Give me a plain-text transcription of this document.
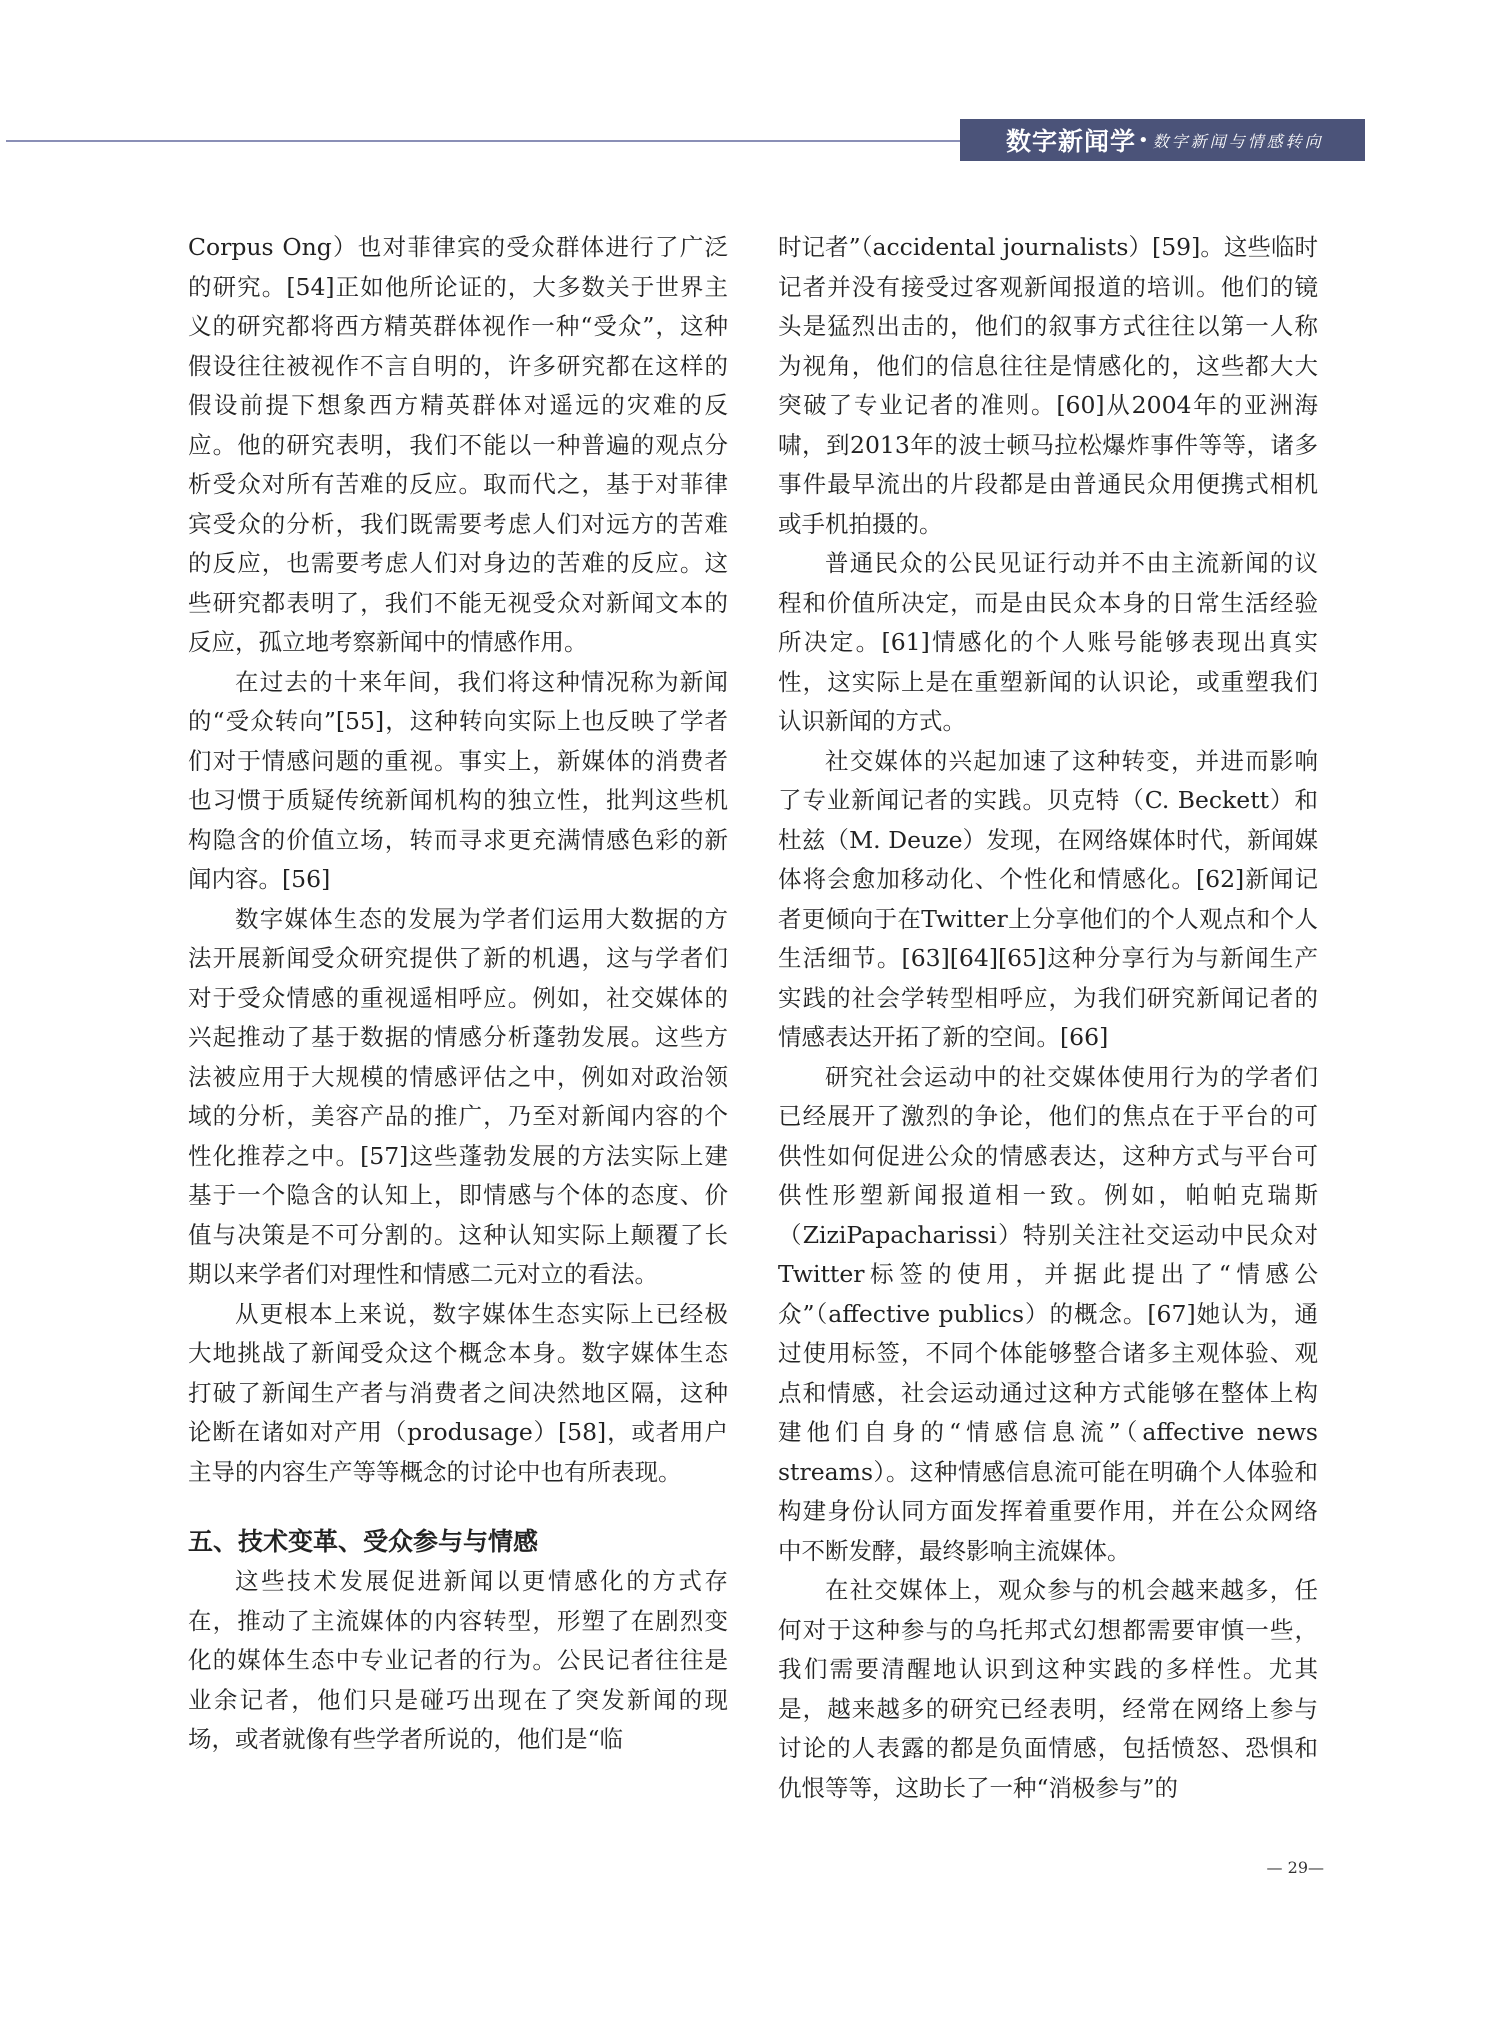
数字新闻学 • 数字新闻与情感转向

Corpus Ong）也对菲律宾的受众群体进行了广泛的研究。[54]正如他所论证的，大多数关于世界主义的研究都将西方精英群体视作一种“受众”，这种假设往往被视作不言自明的，许多研究都在这样的假设前提下想象西方精英群体对遥远的灾难的反应。他的研究表明，我们不能以一种普遍的观点分析受众对所有苦难的反应。取而代之，基于对菲律宾受众的分析，我们既需要考虑人们对远方的苦难的反应，也需要考虑人们对身边的苦难的反应。这些研究都表明了，我们不能无视受众对新闻文本的反应，孤立地考察新闻中的情感作用。

在过去的十来年间，我们将这种情况称为新闻的“受众转向”[55]，这种转向实际上也反映了学者们对于情感问题的重视。事实上，新媒体的消费者也习惯于质疑传统新闻机构的独立性，批判这些机构隐含的价值立场，转而寻求更充满情感色彩的新闻内容。[56]

数字媒体生态的发展为学者们运用大数据的方法开展新闻受众研究提供了新的机遇，这与学者们对于受众情感的重视遥相呼应。例如，社交媒体的兴起推动了基于数据的情感分析蓬勃发展。这些方法被应用于大规模的情感评估之中，例如对政治领域的分析，美容产品的推广，乃至对新闻内容的个性化推荐之中。[57]这些蓬勃发展的方法实际上建基于一个隐含的认知上，即情感与个体的态度、价值与决策是不可分割的。这种认知实际上颠覆了长期以来学者们对理性和情感二元对立的看法。

从更根本上来说，数字媒体生态实际上已经极大地挑战了新闻受众这个概念本身。数字媒体生态打破了新闻生产者与消费者之间决然地区隔，这种论断在诸如对产用（produsage）[58]，或者用户主导的内容生产等等概念的讨论中也有所表现。

五、技术变革、受众参与与情感

这些技术发展促进新闻以更情感化的方式存在，推动了主流媒体的内容转型，形塑了在剧烈变化的媒体生态中专业记者的行为。公民记者往往是业余记者，他们只是碰巧出现在了突发新闻的现场，或者就像有些学者所说的，他们是“临

时记者”（accidental journalists）[59]。这些临时记者并没有接受过客观新闻报道的培训。他们的镜头是猛烈出击的，他们的叙事方式往往以第一人称为视角，他们的信息往往是情感化的，这些都大大突破了专业记者的准则。[60]从2004年的亚洲海啸，到2013年的波士顿马拉松爆炸事件等等，诸多事件最早流出的片段都是由普通民众用便携式相机或手机拍摄的。

普通民众的公民见证行动并不由主流新闻的议程和价值所决定，而是由民众本身的日常生活经验所决定。[61]情感化的个人账号能够表现出真实性，这实际上是在重塑新闻的认识论，或重塑我们认识新闻的方式。

社交媒体的兴起加速了这种转变，并进而影响了专业新闻记者的实践。贝克特（C. Beckett）和杜兹（M. Deuze）发现，在网络媒体时代，新闻媒体将会愈加移动化、个性化和情感化。[62]新闻记者更倾向于在Twitter上分享他们的个人观点和个人生活细节。[63][64][65]这种分享行为与新闻生产实践的社会学转型相呼应，为我们研究新闻记者的情感表达开拓了新的空间。[66]

研究社会运动中的社交媒体使用行为的学者们已经展开了激烈的争论，他们的焦点在于平台的可供性如何促进公众的情感表达，这种方式与平台可供性形塑新闻报道相一致。例如，帕帕克瑞斯（ZiziPapacharissi）特别关注社交运动中民众对Twitter标签的使用，并据此提出了“情感公众”（affective publics）的概念。[67]她认为，通过使用标签，不同个体能够整合诸多主观体验、观点和情感，社会运动通过这种方式能够在整体上构建他们自身的“情感信息流”（affective news streams）。这种情感信息流可能在明确个人体验和构建身份认同方面发挥着重要作用，并在公众网络中不断发酵，最终影响主流媒体。

在社交媒体上，观众参与的机会越来越多，任何对于这种参与的乌托邦式幻想都需要审慎一些，我们需要清醒地认识到这种实践的多样性。尤其是，越来越多的研究已经表明，经常在网络上参与讨论的人表露的都是负面情感，包括愤怒、恐惧和仇恨等等，这助长了一种“消极参与”的

— 29—
